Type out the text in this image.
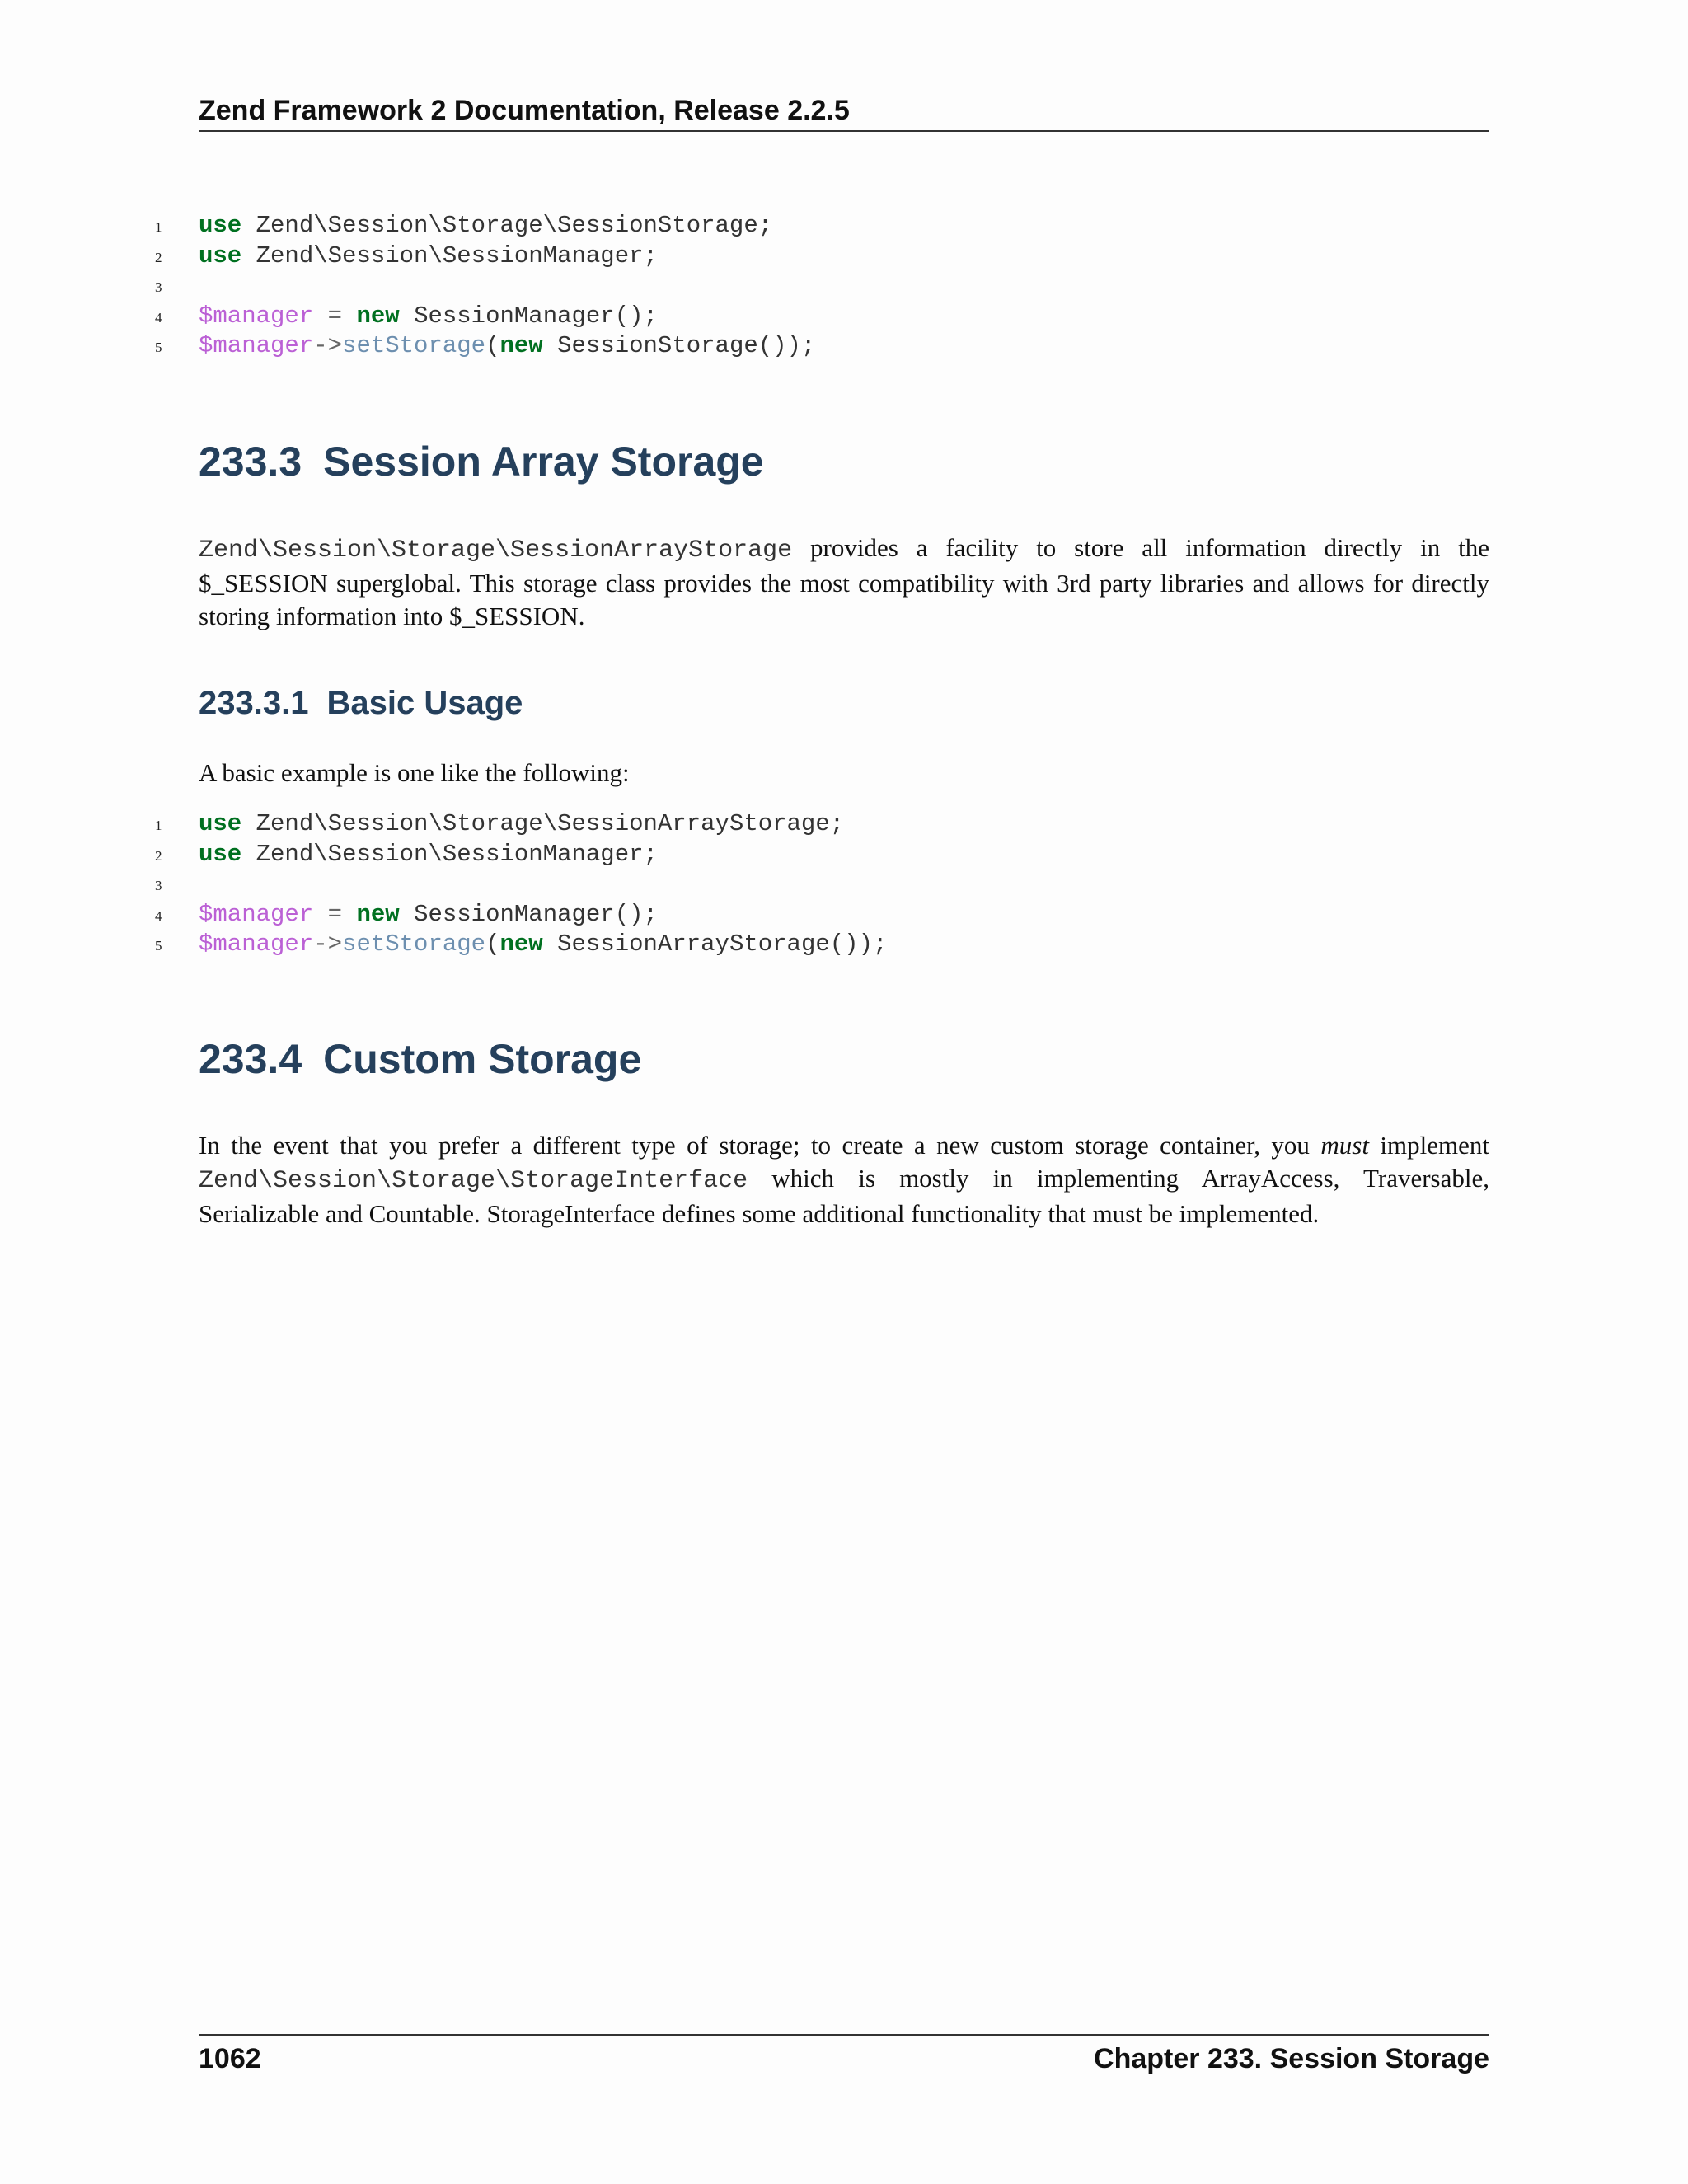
Zend Framework 2 Documentation, Release 2.2.5

1

use Zend\Session\Storage\SessionStorage;

2

use Zend\Session\SessionManager;

3

4

$manager = new SessionManager();

5

$manager->setStorage(new SessionStorage());

233.3 Session Array Storage

Zend\Session\Storage\SessionArrayStorage provides a facility to store all information directly in the $_SESSION superglobal. This storage class provides the most compatibility with 3rd party libraries and allows for directly storing information into $_SESSION.

233.3.1 Basic Usage

A basic example is one like the following:

1

use Zend\Session\Storage\SessionArrayStorage;

2

use Zend\Session\SessionManager;

3

4

$manager = new SessionManager();

5

$manager->setStorage(new SessionArrayStorage());

233.4 Custom Storage

In the event that you prefer a different type of storage; to create a new custom storage container, you must implement Zend\Session\Storage\StorageInterface which is mostly in implementing ArrayAccess, Traversable, Serializable and Countable. StorageInterface defines some additional functionality that must be implemented.

1062	Chapter 233. Session Storage
